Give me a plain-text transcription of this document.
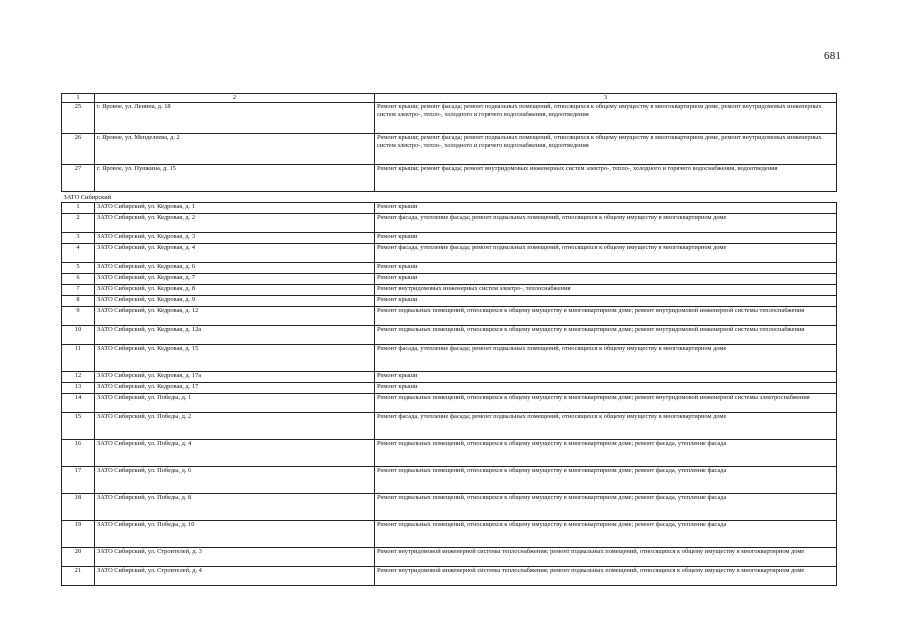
681
1	2	3
25	г. Яровое, ул. Ленина, д. 18	Ремонт крыши; ремонт фасада; ремонт подвальных помещений, относящихся к общему имуществу в многоквартирном доме, ремонт внутридомовых инженерных систем электро-, тепло-, холодного и горячего водоснабжения, водоотведения
26	г. Яровое, ул. Менделеева, д. 2	Ремонт крыши; ремонт фасада; ремонт подвальных помещений, относящихся к общему имуществу в многоквартирном доме, ремонт внутридомовых инженерных систем электро-, тепло-, холодного и горячего водоснабжения, водоотведения
27	г. Яровое, ул. Пушкина, д. 15	Ремонт крыши; ремонт фасада; ремонт внутридомовых инженерных систем электро-, тепло-, холодного и горячего водоснабжения, водоотведения
ЗАТО Сибирский		
1	ЗАТО Сибирский, ул. Кедровая, д. 1	Ремонт крыши
2	ЗАТО Сибирский, ул. Кедровая, д. 2	Ремонт фасада, утепление фасада; ремонт подвальных помещений, относящихся к общему имуществу в многоквартирном доме
3	ЗАТО Сибирский, ул. Кедровая, д. 3	Ремонт крыши
4	ЗАТО Сибирский, ул. Кедровая, д. 4	Ремонт фасада, утепление фасада; ремонт подвальных помещений, относящихся к общему имуществу в многоквартирном доме
5	ЗАТО Сибирский, ул. Кедровая, д. 6	Ремонт крыши
6	ЗАТО Сибирский, ул. Кедровая, д. 7	Ремонт крыши
7	ЗАТО Сибирский, ул. Кедровая, д. 8	Ремонт внутридомовых инженерных систем электро-, теплоснабжения
8	ЗАТО Сибирский, ул. Кедровая, д. 9	Ремонт крыши
9	ЗАТО Сибирский, ул. Кедровая, д. 12	Ремонт подвальных помещений, относящихся к общему имуществу в многоквартирном доме; ремонт внутридомовой инженерной системы теплоснабжения
10	ЗАТО Сибирский, ул. Кедровая, д. 12а	Ремонт подвальных помещений, относящихся к общему имуществу в многоквартирном доме; ремонт внутридомовой инженерной системы теплоснабжения
11	ЗАТО Сибирский, ул. Кедровая, д. 15	Ремонт фасада, утепление фасада; ремонт подвальных помещений, относящихся к общему имуществу в многоквартирном доме
12	ЗАТО Сибирский, ул. Кедровая, д. 17а	Ремонт крыши
13	ЗАТО Сибирский, ул. Кедровая, д. 17	Ремонт крыши
14	ЗАТО Сибирский, ул. Победы, д. 1	Ремонт подвальных помещений, относящихся к общему имуществу в многоквартирном доме; ремонт внутридомовой инженерной системы электроснабжения
15	ЗАТО Сибирский, ул. Победы, д. 2	Ремонт фасада, утепление фасада; ремонт подвальных помещений, относящихся к общему имуществу в многоквартирном доме
16	ЗАТО Сибирский, ул. Победы, д. 4	Ремонт подвальных помещений, относящихся к общему имуществу в многоквартирном доме; ремонт фасада, утепление фасада
17	ЗАТО Сибирский, ул. Победы, д. 6	Ремонт подвальных помещений, относящихся к общему имуществу в многоквартирном доме; ремонт фасада, утепление фасада
18	ЗАТО Сибирский, ул. Победы, д. 8	Ремонт подвальных помещений, относящихся к общему имуществу в многоквартирном доме; ремонт фасада, утепление фасада
19	ЗАТО Сибирский, ул. Победы, д. 10	Ремонт подвальных помещений, относящихся к общему имуществу в многоквартирном доме; ремонт фасада, утепление фасада
20	ЗАТО Сибирский, ул. Строителей, д. 3	Ремонт внутридомовой инженерной системы теплоснабжения; ремонт подвальных помещений, относящихся к общему имуществу в многоквартирном доме
21	ЗАТО Сибирский, ул. Строителей, д. 4	Ремонт внутридомовой инженерной системы теплоснабжения; ремонт подвальных помещений, относящихся к общему имуществу в многоквартирном доме
